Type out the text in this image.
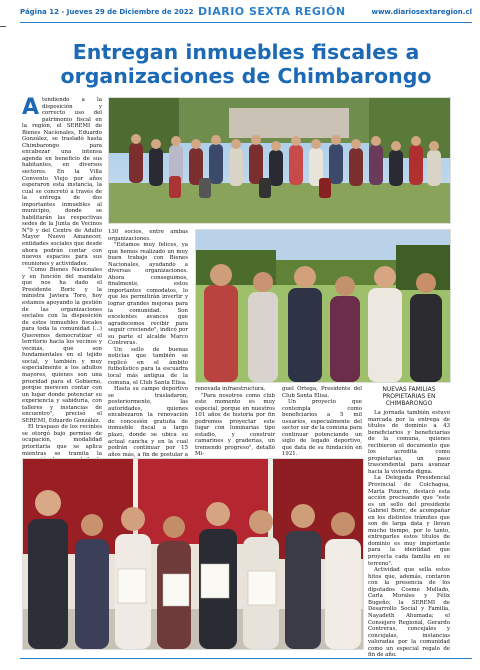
Página 12 - Jueves 29 de Diciembre de 2022 DIARIO SEXTA REGIÓN	www.diariosextaregion.cl
Entregan inmuebles fiscales a
organizaciones de Chimbarongo

Atendiendo a la disposición y correcto uso del patrimonio fiscal en la región, el SEREMI de Bienes Nacionales, Eduardo González, se trasladó hasta Chimbarongo para encabezar una intensa agenda en beneficio de sus habitantes, en diversos sectores. En la Villa Convento Viejo por años esperaron esta instancia, la cual se concretó a través de la entrega de dos importantes inmuebles al municipio, donde se habilitarán las respectivas sedes de la Junta de Vecinos N°9 y del Centro de Adulto Mayor Nuevo Amanecer, entidades sociales que desde ahora podrán contar con nuevos espacios para sus reuniones y actividades.

"Como Bienes Nacionales y en función del mandato que nos ha dado el Presidente Boric y la ministra Javiera Toro, hoy estamos apoyando la gestión de las organizaciones sociales con la disposición de estos inmuebles fiscales para toda la comunidad (...) Queremos democratizar el territorio hacia los vecinos y vecinas, que son fundamentales en el tejido social, y también y muy especialmente a los adultos mayores, quienes son una prioridad para el Gobierno, porque merecen contar con un lugar donde potenciar su experiencia y sabiduría, con talleres y instancias de encuentro", precisó el SEREMI, Eduardo González.

El traspaso de los recintes se otorgó bajo permiso de ocupación, modalidad prioritaria que se aplica mientras se tramita la

130 socios, entre ambas organizaciones.

"Estamos muy felices, ya que hemos realizado un muy buen trabajo con Bienes Nacionales, ayudando a diversas organizaciones. Ahora conseguimos, finalmente, estos importantes comodatos, lo que les permitirán invertir y lograr grandes mejoras para la comunidad. Son excelentes avances que agradecemos recibir para seguir creciendo", indicó por su parte el alcalde Marco Contreras.

Un sello de buenas noticias que también se replicó en el ámbito futbolístico para la escuadra local más antigua de la comuna, el Club Santa Elisa.

Hasta su campo deportivo se trasladaron, posteriormente, las autoridades, quienes encabezaron la renovación de concesión gratuita de inmueble fiscal a largo plazo, donde se ubica su actual cancha y en la cual podrán continuar por 15 años más, a fin de postular a

renovada infraestructura.

"Para nosotros como club este momento es muy especial, porque en nuestros 101 años de historia por fin podremos proyectar este lugar con luminarias tipo estadio, y construir camarines y graderías, un tremendo progreso", detalló Mi-

guel Ortega, Presidente del Club Santa Elisa.

Un proyecto que contempla como beneficiarios a 5 mil usuarios, especialmente del sector sur de la comuna para continuar potenciando un siglo de legado deportivo, que data de su fundación en 1921.

NUEVAS FAMILIAS PROPIETARIAS EN CHIMBARONGO

La jornada también estuvo marcada por la entrega de títulos de dominio a 43 beneficiarios y beneficiarias de la comuna, quienes recibieron el documento que los acredita como propietarias, un paso trascendental para avanzar hacia la vivienda digna.

La Delegada Presidencial Provincial de Colchagua, Marta Pizarro, destacó esta acción precisando que "este es un sello del presidente Gabriel Boric, de acompañar en los distintos trámites que son de larga data y llevan mucho tiempo, por lo tanto, entregarles estos títulos de dominio es muy importante para la identidad que proyecta cada familia en su terreno".

Actividad que sella estos hitos que, además, contaron con la presencia de los diputados Cosme Mellado, Carla Morales y Félix Bugeño; la SEREMI de Desarrollo Social y Familia, Nayadeth Ahumada; el Consejero Regional, Gerardo Contreras, concejales y concejalas, instancias valoradas por la comunidad como un especial regalo de fin de año.
